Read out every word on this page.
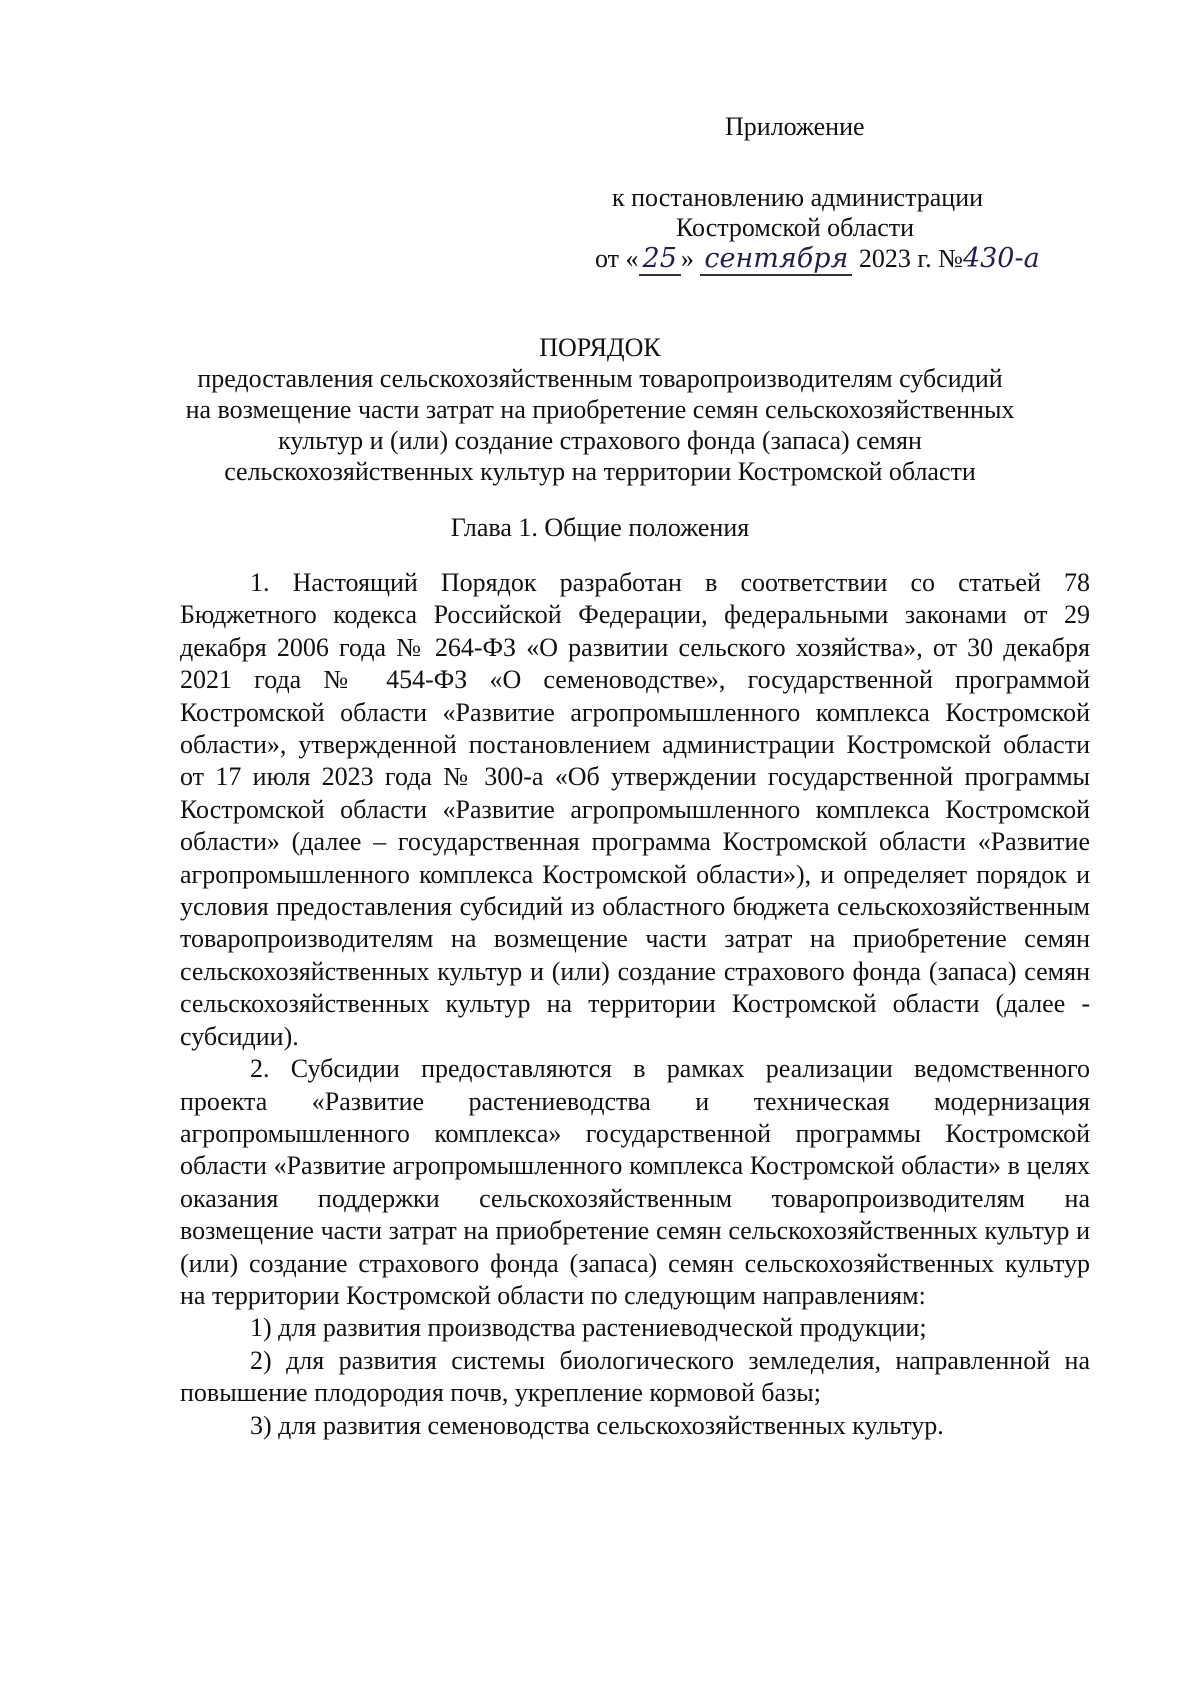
Приложение
к постановлению администрации
Костромской области
от « 25 » сентября 2023 г. №430-а
ПОРЯДОК
предоставления сельскохозяйственным товаропроизводителям субсидий
на возмещение части затрат на приобретение семян сельскохозяйственных
культур и (или) создание страхового фонда (запаса) семян
сельскохозяйственных культур на территории Костромской области
Глава 1. Общие положения

1. Настоящий Порядок разработан в соответствии со статьей 78 Бюджетного кодекса Российской Федерации, федеральными законами от 29 декабря 2006 года № 264-ФЗ «О развитии сельского хозяйства», от 30 декабря 2021 года № 454-ФЗ «О семеноводстве», государственной программой Костромской области «Развитие агропромышленного комплекса Костромской области», утвержденной постановлением администрации Костромской области от 17 июля 2023 года № 300-а «Об утверждении государственной программы Костромской области «Развитие агропромышленного комплекса Костромской области» (далее – государственная программа Костромской области «Развитие агропромышленного комплекса Костромской области»), и определяет порядок и условия предоставления субсидий из областного бюджета сельскохозяйственным товаропроизводителям на возмещение части затрат на приобретение семян сельскохозяйственных культур и (или) создание страхового фонда (запаса) семян сельскохозяйственных культур на территории Костромской области (далее - субсидии).

2. Субсидии предоставляются в рамках реализации ведомственного проекта «Развитие растениеводства и техническая модернизация агропромышленного комплекса» государственной программы Костромской области «Развитие агропромышленного комплекса Костромской области» в целях оказания поддержки сельскохозяйственным товаропроизводителям на возмещение части затрат на приобретение семян сельскохозяйственных культур и (или) создание страхового фонда (запаса) семян сельскохозяйственных культур на территории Костромской области по следующим направлениям:

1) для развития производства растениеводческой продукции;

2) для развития системы биологического земледелия, направленной на повышение плодородия почв, укрепление кормовой базы;

3) для развития семеноводства сельскохозяйственных культур.
